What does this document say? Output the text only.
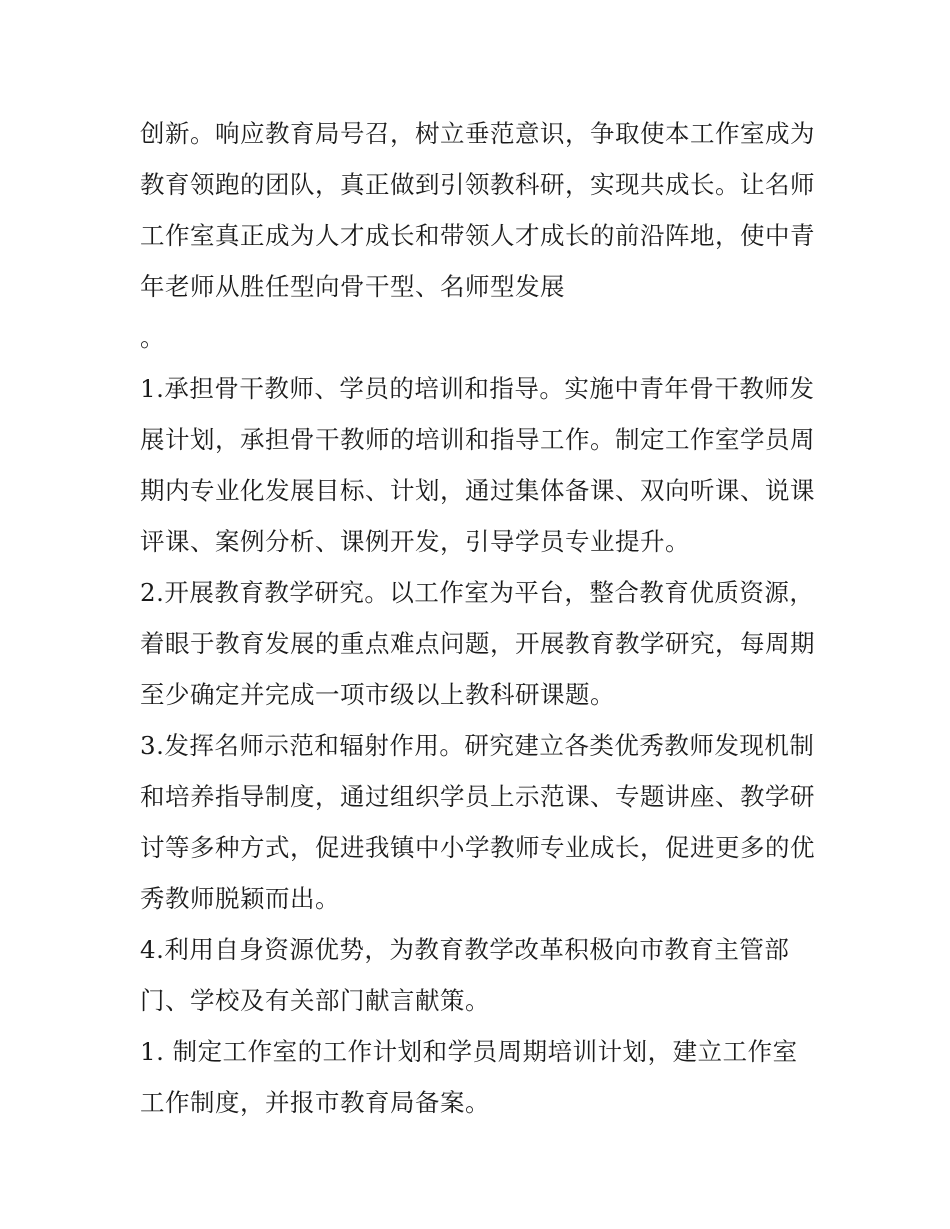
创新。响应教育局号召，树立垂范意识，争取使本工作室成为
教育领跑的团队，真正做到引领教科研，实现共成长。让名师
工作室真正成为人才成长和带领人才成长的前沿阵地，使中青
年老师从胜任型向骨干型、名师型发展
。
1.承担骨干教师、学员的培训和指导。实施中青年骨干教师发
展计划，承担骨干教师的培训和指导工作。制定工作室学员周
期内专业化发展目标、计划，通过集体备课、双向听课、说课
评课、案例分析、课例开发，引导学员专业提升。
2.开展教育教学研究。以工作室为平台，整合教育优质资源，
着眼于教育发展的重点难点问题，开展教育教学研究，每周期
至少确定并完成一项市级以上教科研课题。
3.发挥名师示范和辐射作用。研究建立各类优秀教师发现机制
和培养指导制度，通过组织学员上示范课、专题讲座、教学研
讨等多种方式，促进我镇中小学教师专业成长，促进更多的优
秀教师脱颖而出。
4.利用自身资源优势，为教育教学改革积极向市教育主管部
门、学校及有关部门献言献策。
1. 制定工作室的工作计划和学员周期培训计划，建立工作室
工作制度，并报市教育局备案。
